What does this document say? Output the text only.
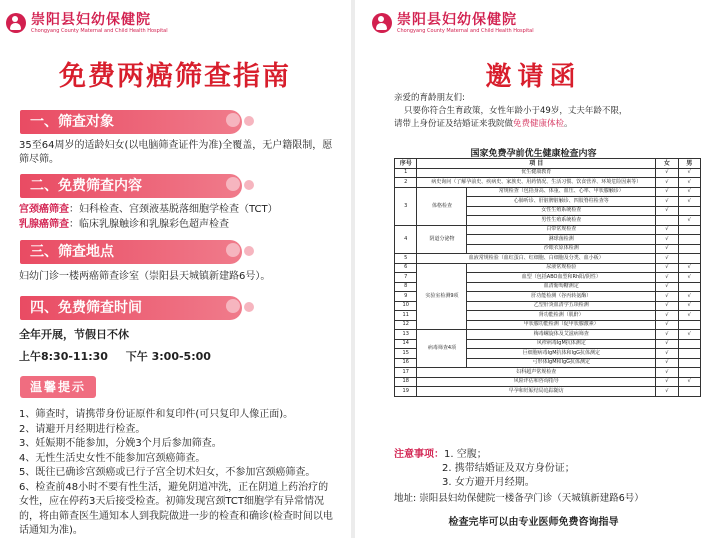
崇阳县妇幼保健院
Chongyang County Maternal and Child Health Hospital
免费两癌筛查指南
一、筛查对象
35至64周岁的适龄妇女(以电脑筛查证件为准)全覆盖，无户籍限制，愿筛尽筛。
二、免费筛查内容
宫颈癌筛查：妇科检查、宫颈液基脱落细胞学检查（TCT）
乳腺癌筛查：临床乳腺触诊和乳腺彩色超声检查
三、筛查地点
妇幼门诊一楼两癌筛查诊室（崇阳县天城镇新建路6号）。
四、免费筛查时间
全年开展，节假日不休
上午8:30-11:30 下午 3:00-5:00
温馨提示
1、筛查时，请携带身份证原件和复印件(可只复印人像正面)。
2、请避开月经期进行检查。
3、妊娠期不能参加，分娩3个月后参加筛查。
4、无性生活史女性不能参加宫颈癌筛查。
5、既往已确诊宫颈癌或已行子宫全切术妇女，不参加宫颈癌筛查。
6、检查前48小时不要有性生活，避免阴道冲洗，正在阴道上药治疗的女性，应在停药3天后接受检查。初筛发现宫颈TCT细胞学有异常情况的，将由筛查医生通知本人到我院做进一步的检查和确诊(检查时间以电话通知为准)。
崇阳县妇幼保健院
Chongyang County Maternal and Child Health Hospital
邀请函
亲爱的育龄朋友们:
只要你符合生育政策，女性年龄小于49岁，丈夫年龄不限，
请带上身份证及结婚证来我院做免费健康体检。
国家免费孕前优生健康检查内容
序号	项 目		女	男
1	优生健康教育		√	√
2	病史询问（了解孕前史、疾病史、家族史、用药情况、生活习惯、饮食营养、环境危险因素等）		√	√
3	体格检查	常规检查（包括身高、体重、血压、心率、甲状腺触诊）	√	√
		心肺听诊、肝脏脾脏触诊、四肢脊柱检查等	√	√
		女性生殖系统检查	√	
		男性生殖系统检查		√
4	阴道分泌物	白带常规检查	√	
		淋球菌检测	√	
		沙眼衣原体检测	√	
5	血液常规检验（血红蛋白、红细胞、白细胞及分类、血小板）		√	
6	实验室检测9项	尿液常规检验	√	√
7		血型（包括ABO血型和Rh阳/阴性）	√	√
8		血清葡萄糖测定	√	
9		肝功能检测（谷丙转氨酶）	√	√
10		乙型肝炎血清学五项检测	√	√
11		肾功能检测（肌酐）	√	√
12		甲状腺功能检测（促甲状腺激素）	√	
13	病毒筛查4项	梅毒螺旋体及艾滋病筛查	√	√
14		风疹病毒IgM抗体测定	√	
15		巨细胞病毒IgM抗体和IgG抗体测定	√	
16		弓形体IgM和IgG抗体测定	√	
17	妇科超声常规检查		√	
18	风险评估和咨询指导		√	√
19	早孕和妊娠结局追踪随访		√	
注意事项：1. 空腹；
2. 携带结婚证及双方身份证；
3. 女方避开月经期。
地址: 崇阳县妇幼保健院一楼备孕门诊（天城镇新建路6号）
检查完毕可以由专业医师免费咨询指导
